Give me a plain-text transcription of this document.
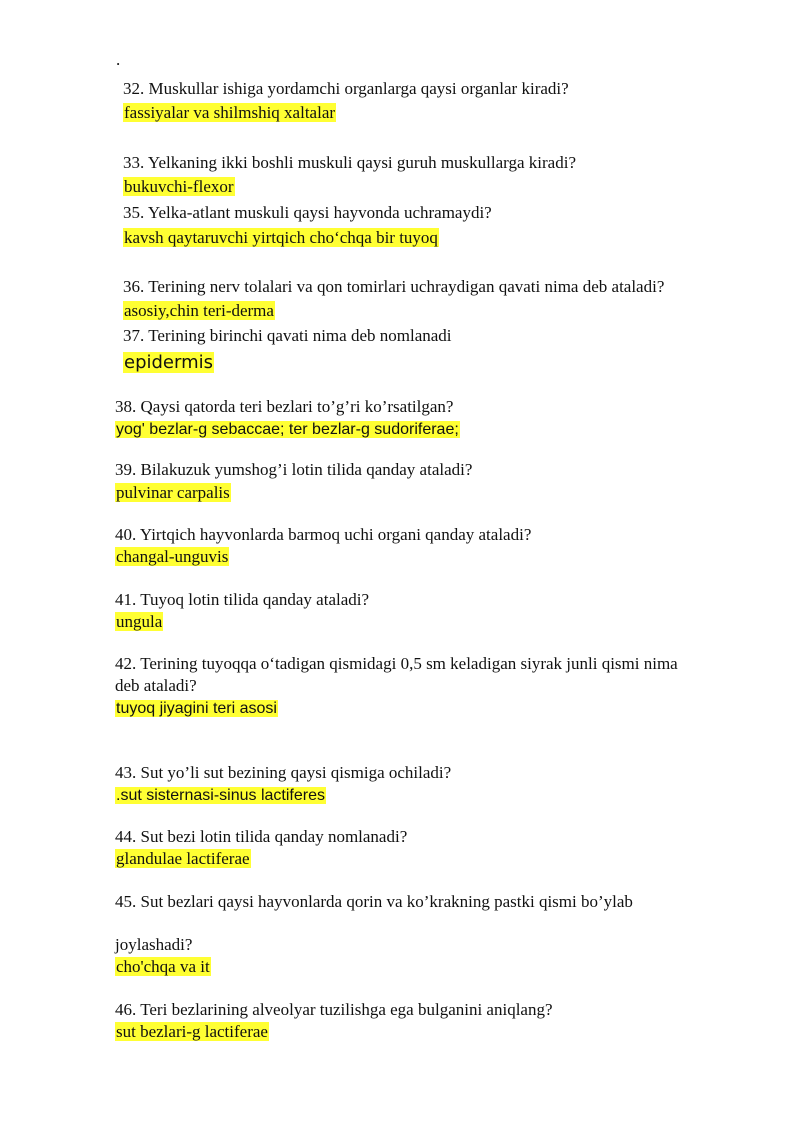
.
32. Muskullar ishiga yordamchi organlarga qaysi organlar kiradi?
fassiyalar va shilmshiq xaltalar
33. Yelkaning ikki boshli muskuli qaysi guruh muskullarga kiradi?
bukuvchi-flexor
35. Yelka-atlant muskuli qaysi hayvonda uchramaydi?
kavsh qaytaruvchi yirtqich cho‘chqa bir tuyoq
36. Terining nerv tolalari va qon tomirlari uchraydigan qavati nima deb ataladi?
asosiy,chin teri-derma
37. Terining birinchi qavati nima deb nomlanadi
epidermis
38. Qaysi qatorda teri bezlari to’g’ri ko’rsatilgan?
yog' bezlar-g sebaccae; ter bezlar-g sudoriferae;
39. Bilakuzuk yumshog’i lotin tilida qanday ataladi?
pulvinar carpalis
40. Yirtqich hayvonlarda barmoq uchi organi qanday ataladi?
changal-unguvis
41. Tuyoq lotin tilida qanday ataladi?
ungula
42. Terining tuyoqqa o‘tadigan qismidagi 0,5 sm keladigan siyrak junli qismi nima
deb ataladi?
tuyoq jiyagini teri asosi
43. Sut yo’li sut bezining qaysi qismiga ochiladi?
.sut sisternasi-sinus lactiferes
44. Sut bezi lotin tilida qanday nomlanadi?
glandulae lactiferae
45. Sut bezlari qaysi hayvonlarda qorin va ko’krakning pastki qismi bo’ylab
joylashadi?
cho'chqa va it
46. Teri bezlarining alveolyar tuzilishga ega bulganini aniqlang?
sut bezlari-g lactiferae
